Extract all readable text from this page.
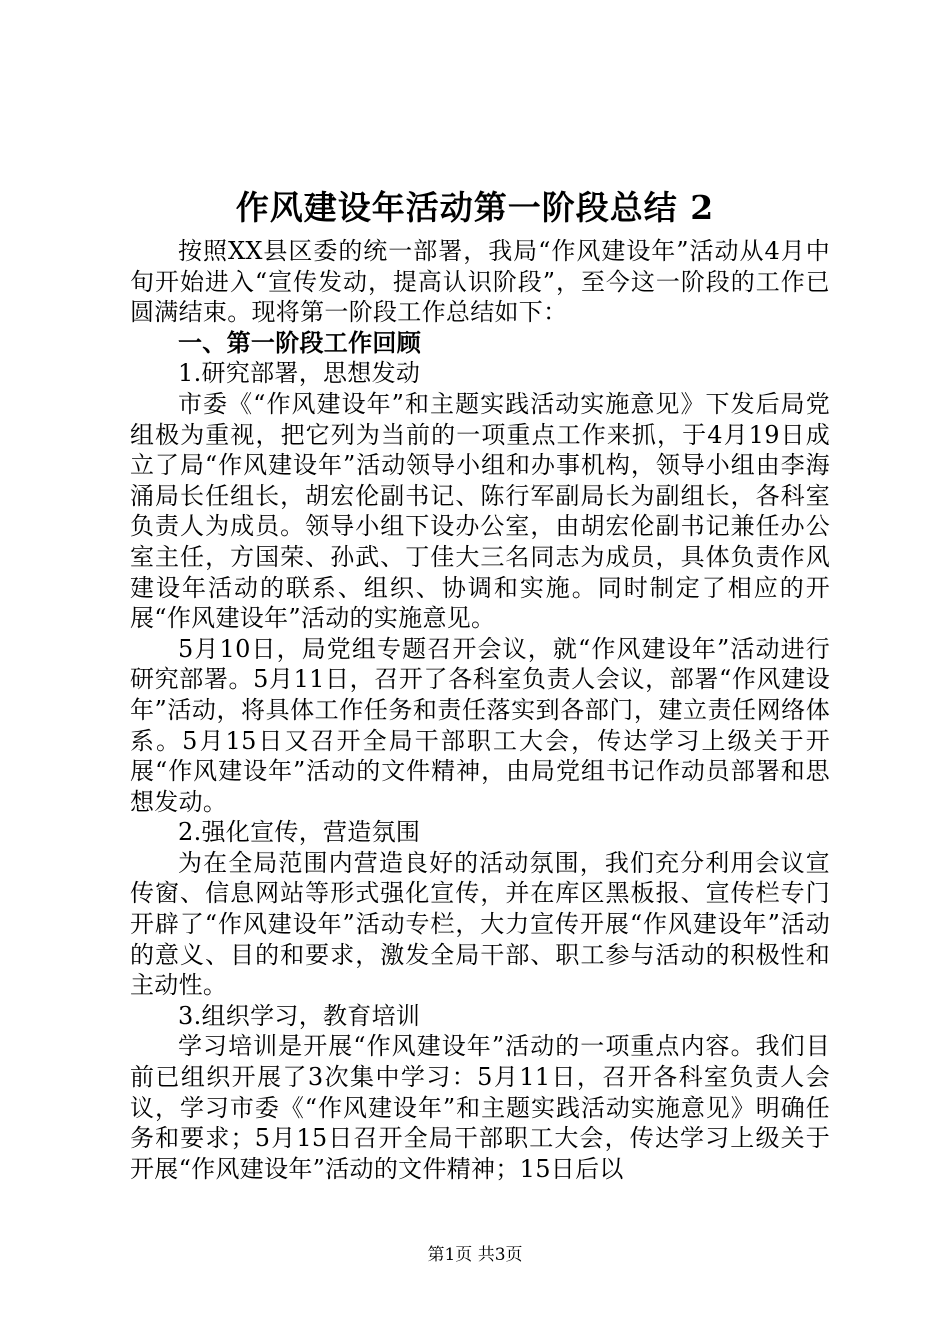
作风建设年活动第一阶段总结 2

按照XX县区委的统一部署，我局“作风建设年”活动从4月中旬开始进入“宣传发动，提高认识阶段”，至今这一阶段的工作已圆满结束。现将第一阶段工作总结如下：

一、第一阶段工作回顾

1.研究部署，思想发动

市委《“作风建设年”和主题实践活动实施意见》下发后局党组极为重视，把它列为当前的一项重点工作来抓，于4月19日成立了局“作风建设年”活动领导小组和办事机构，领导小组由李海涌局长任组长，胡宏伦副书记、陈行军副局长为副组长，各科室负责人为成员。领导小组下设办公室，由胡宏伦副书记兼任办公室主任，方国荣、孙武、丁佳大三名同志为成员，具体负责作风建设年活动的联系、组织、协调和实施。同时制定了相应的开展“作风建设年”活动的实施意见。

5月10日，局党组专题召开会议，就“作风建设年”活动进行研究部署。5月11日，召开了各科室负责人会议，部署“作风建设年”活动，将具体工作任务和责任落实到各部门，建立责任网络体系。5月15日又召开全局干部职工大会，传达学习上级关于开展“作风建设年”活动的文件精神，由局党组书记作动员部署和思想发动。

2.强化宣传，营造氛围

为在全局范围内营造良好的活动氛围，我们充分利用会议宣传窗、信息网站等形式强化宣传，并在库区黑板报、宣传栏专门开辟了“作风建设年”活动专栏，大力宣传开展“作风建设年”活动的意义、目的和要求，激发全局干部、职工参与活动的积极性和主动性。

3.组织学习，教育培训

学习培训是开展“作风建设年”活动的一项重点内容。我们目前已组织开展了3次集中学习：5月11日，召开各科室负责人会议，学习市委《“作风建设年”和主题实践活动实施意见》明确任务和要求；5月15日召开全局干部职工大会，传达学习上级关于开展“作风建设年”活动的文件精神；15日后以

第1页 共3页
